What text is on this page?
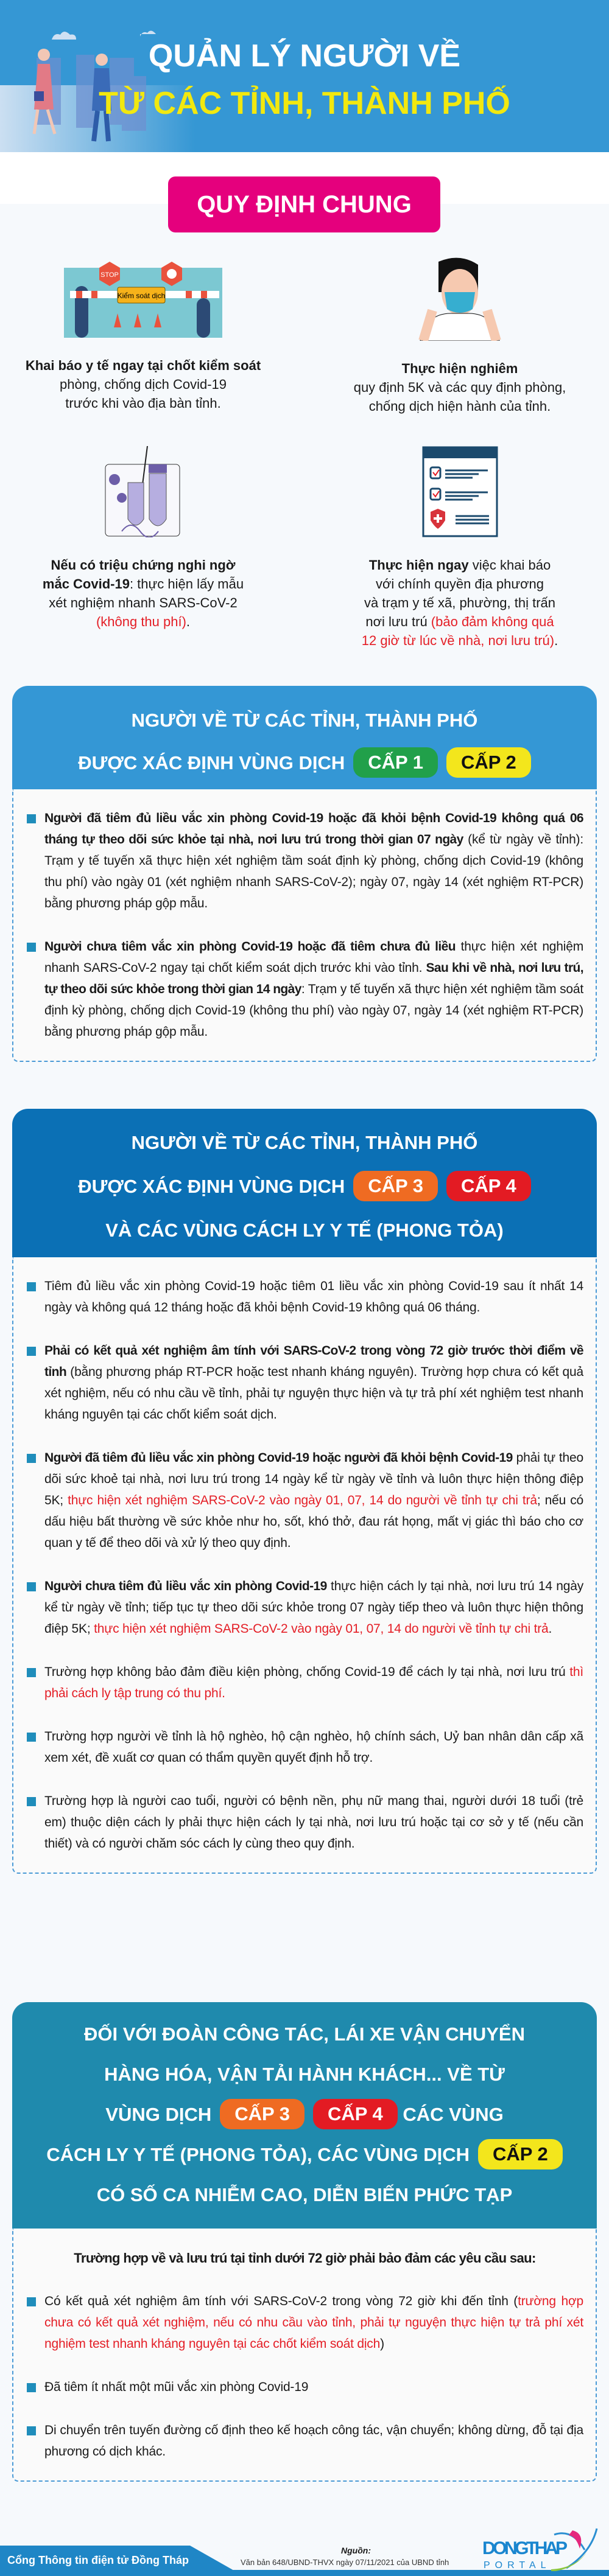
QUẢN LÝ NGƯỜI VỀ
TỪ CÁC TỈNH, THÀNH PHỐ
QUY ĐỊNH CHUNG
Kiểm soát dịch
STOP
Khai báo y tế ngay tại chốt kiểm soát
phòng, chống dịch Covid-19
trước khi vào địa bàn tỉnh.
Thực hiện nghiêm
quy định 5K và các quy định phòng,
chống dịch hiện hành của tỉnh.
Nếu có triệu chứng nghi ngờ
mắc Covid-19: thực hiện lấy mẫu
xét nghiệm nhanh SARS-CoV-2
(không thu phí).
Thực hiện ngay việc khai báo
với chính quyền địa phương
và trạm y tế xã, phường, thị trấn
nơi lưu trú (bảo đảm không quá
12 giờ từ lúc về nhà, nơi lưu trú).
NGƯỜI VỀ TỪ CÁC TỈNH, THÀNH PHỐ
ĐƯỢC XÁC ĐỊNH VÙNG DỊCH CẤP 1 CẤP 2
Người đã tiêm đủ liều vắc xin phòng Covid-19 hoặc đã khỏi bệnh Covid-19 không quá 06 tháng tự theo dõi sức khỏe tại nhà, nơi lưu trú trong thời gian 07 ngày (kể từ ngày về tỉnh): Trạm y tế tuyến xã thực hiện xét nghiệm tầm soát định kỳ phòng, chống dịch Covid-19 (không thu phí) vào ngày 01 (xét nghiệm nhanh SARS-CoV-2); ngày 07, ngày 14 (xét nghiệm RT-PCR) bằng phương pháp gộp mẫu.
Người chưa tiêm vắc xin phòng Covid-19 hoặc đã tiêm chưa đủ liều thực hiện xét nghiệm nhanh SARS-CoV-2 ngay tại chốt kiểm soát dịch trước khi vào tỉnh. Sau khi về nhà, nơi lưu trú, tự theo dõi sức khỏe trong thời gian 14 ngày: Trạm y tế tuyến xã thực hiện xét nghiệm tầm soát định kỳ phòng, chống dịch Covid-19 (không thu phí) vào ngày 07, ngày 14 (xét nghiệm RT-PCR) bằng phương pháp gộp mẫu.
NGƯỜI VỀ TỪ CÁC TỈNH, THÀNH PHỐ
ĐƯỢC XÁC ĐỊNH VÙNG DỊCH CẤP 3 CẤP 4
VÀ CÁC VÙNG CÁCH LY Y TẾ (PHONG TỎA)
Tiêm đủ liều vắc xin phòng Covid-19 hoặc tiêm 01 liều vắc xin phòng Covid-19 sau ít nhất 14 ngày và không quá 12 tháng hoặc đã khỏi bệnh Covid-19 không quá 06 tháng.
Phải có kết quả xét nghiệm âm tính với SARS-CoV-2 trong vòng 72 giờ trước thời điểm về tỉnh (bằng phương pháp RT-PCR hoặc test nhanh kháng nguyên). Trường hợp chưa có kết quả xét nghiệm, nếu có nhu cầu về tỉnh, phải tự nguyện thực hiện và tự trả phí xét nghiệm test nhanh kháng nguyên tại các chốt kiểm soát dịch.
Người đã tiêm đủ liều vắc xin phòng Covid-19 hoặc người đã khỏi bệnh Covid-19 phải tự theo dõi sức khoẻ tại nhà, nơi lưu trú trong 14 ngày kể từ ngày về tỉnh và luôn thực hiện thông điệp 5K; thực hiện xét nghiệm SARS-CoV-2 vào ngày 01, 07, 14 do người về tỉnh tự chi trả; nếu có dấu hiệu bất thường về sức khỏe như ho, sốt, khó thở, đau rát họng, mất vị giác thì báo cho cơ quan y tế để theo dõi và xử lý theo quy định.
Người chưa tiêm đủ liều vắc xin phòng Covid-19 thực hiện cách ly tại nhà, nơi lưu trú 14 ngày kể từ ngày về tỉnh; tiếp tục tự theo dõi sức khỏe trong 07 ngày tiếp theo và luôn thực hiện thông điệp 5K; thực hiện xét nghiệm SARS-CoV-2 vào ngày 01, 07, 14 do người về tỉnh tự chi trả.
Trường hợp không bảo đảm điều kiện phòng, chống Covid-19 để cách ly tại nhà, nơi lưu trú thì phải cách ly tập trung có thu phí.
Trường hợp người về tỉnh là hộ nghèo, hộ cận nghèo, hộ chính sách, Uỷ ban nhân dân cấp xã xem xét, đề xuất cơ quan có thẩm quyền quyết định hỗ trợ.
Trường hợp là người cao tuổi, người có bệnh nền, phụ nữ mang thai, người dưới 18 tuổi (trẻ em) thuộc diện cách ly phải thực hiện cách ly tại nhà, nơi lưu trú hoặc tại cơ sở y tế (nếu cần thiết) và có người chăm sóc cách ly cùng theo quy định.
ĐỐI VỚI ĐOÀN CÔNG TÁC, LÁI XE VẬN CHUYỂN
HÀNG HÓA, VẬN TẢI HÀNH KHÁCH... VỀ TỪ
VÙNG DỊCH CẤP 3 CẤP 4 CÁC VÙNG
CÁCH LY Y TẾ (PHONG TỎA), CÁC VÙNG DỊCH CẤP 2
CÓ SỐ CA NHIỄM CAO, DIỄN BIẾN PHỨC TẠP
Trường hợp về và lưu trú tại tỉnh dưới 72 giờ phải bảo đảm các yêu cầu sau:
Có kết quả xét nghiệm âm tính với SARS-CoV-2 trong vòng 72 giờ khi đến tỉnh (trường hợp chưa có kết quả xét nghiệm, nếu có nhu cầu vào tỉnh, phải tự nguyện thực hiện tự trả phí xét nghiệm test nhanh kháng nguyên tại các chốt kiểm soát dịch)
Đã tiêm ít nhất một mũi vắc xin phòng Covid-19
Di chuyển trên tuyến đường cố định theo kế hoạch công tác, vận chuyển; không dừng, đỗ tại địa phương có dịch khác.
Cổng Thông tin điện tử Đồng Tháp
Nguồn:
Văn bản 648/UBND-THVX ngày 07/11/2021 của UBND tỉnh
DONGTHAP
PORTAL
